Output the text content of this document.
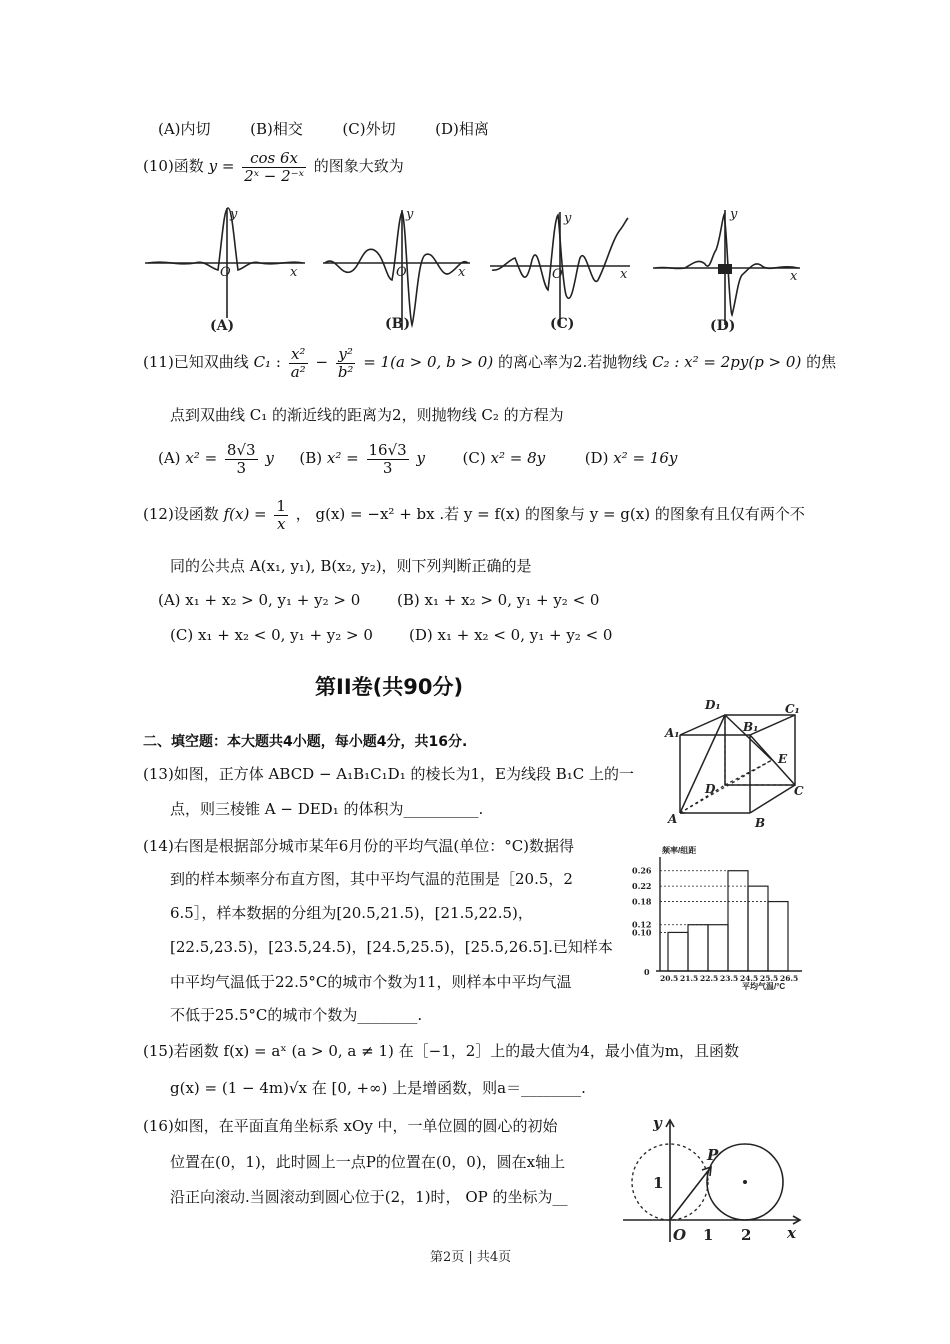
(A)内切	(B)相交	(C)外切	(D)相离
(10)函数 $y = \frac{\cos 6x}{\text{2ˣ − 2⁻ˣ}}$ 的图象大致为
y
x
O
y
x
O
y
x
O
y
x
(A)	(B)	(C)	(D)
(11)已知双曲线 C₁ : $\frac{\text{x²}}{\text{a²}} - \frac{\text{y²}}{\text{b²}} = 1(a > 0$, b > 0) 的离心率为2.若抛物线 C₂ : x² = 2py(p > 0) 的焦
点到双曲线 C₁ 的渐近线的距离为2，则抛物线 C₂ 的方程为
(A) $x^2 = \frac{8√3}{3}$ y (B) $x^2 = \frac{16√3}{3}$ y	(C) x² = 8y	(D) x² = 16y
(12)设函数 $f(x) = \frac{1}{x}$ ， g(x) = −x² + bx .若 y = f(x) 的图象与 y = g(x) 的图象有且仅有两个不
同的公共点 A(x₁, y₁), B(x₂, y₂)，则下列判断正确的是
(A) x₁ + x₂ > 0, y₁ + y₂ > 0 (B) x₁ + x₂ > 0, y₁ + y₂ < 0
(C) x₁ + x₂ < 0, y₁ + y₂ > 0 (D) x₁ + x₂ < 0, y₁ + y₂ < 0
第II卷(共90分)
二、填空题：本大题共4小题，每小题4分，共16分.
D₁	C₁
A₁	B₁
D
E
C
A	B
(13)如图，正方体 ABCD − A₁B₁C₁D₁ 的棱长为1，E为线段 B₁C 上的一
点，则三棱锥 A − DED₁ 的体积为__________.
(14)右图是根据部分城市某年6月份的平均气温(单位：°C)数据得
到的样本频率分布直方图，其中平均气温的范围是［20.5，2
6.5］，样本数据的分组为[20.5,21.5)，[21.5,22.5)，
[22.5,23.5)，[23.5,24.5)，[24.5,25.5)，[25.5,26.5].已知样本
中平均气温低于22.5°C的城市个数为11，则样本中平均气温
不低于25.5°C的城市个数为________.
频率/组距
平均气温/°C
0
0.10
0.12
0.18
0.22
0.26
20.5 21.5 22.5 23.5 24.5 25.5 26.5
(15)若函数 f(x) = aˣ (a > 0, a ≠ 1) 在［−1，2］上的最大值为4，最小值为m，且函数
g(x) = (1 − 4m)√x 在 [0, +∞) 上是增函数，则a＝________.
(16)如图，在平面直角坐标系 xOy 中，一单位圆的圆心的初始
位置在(0，1)，此时圆上一点P的位置在(0，0)，圆在x轴上
沿正向滚动.当圆滚动到圆心位于(2，1)时， OP 的坐标为__
y
x
P
O
1
1 2
第2页 | 共4页
